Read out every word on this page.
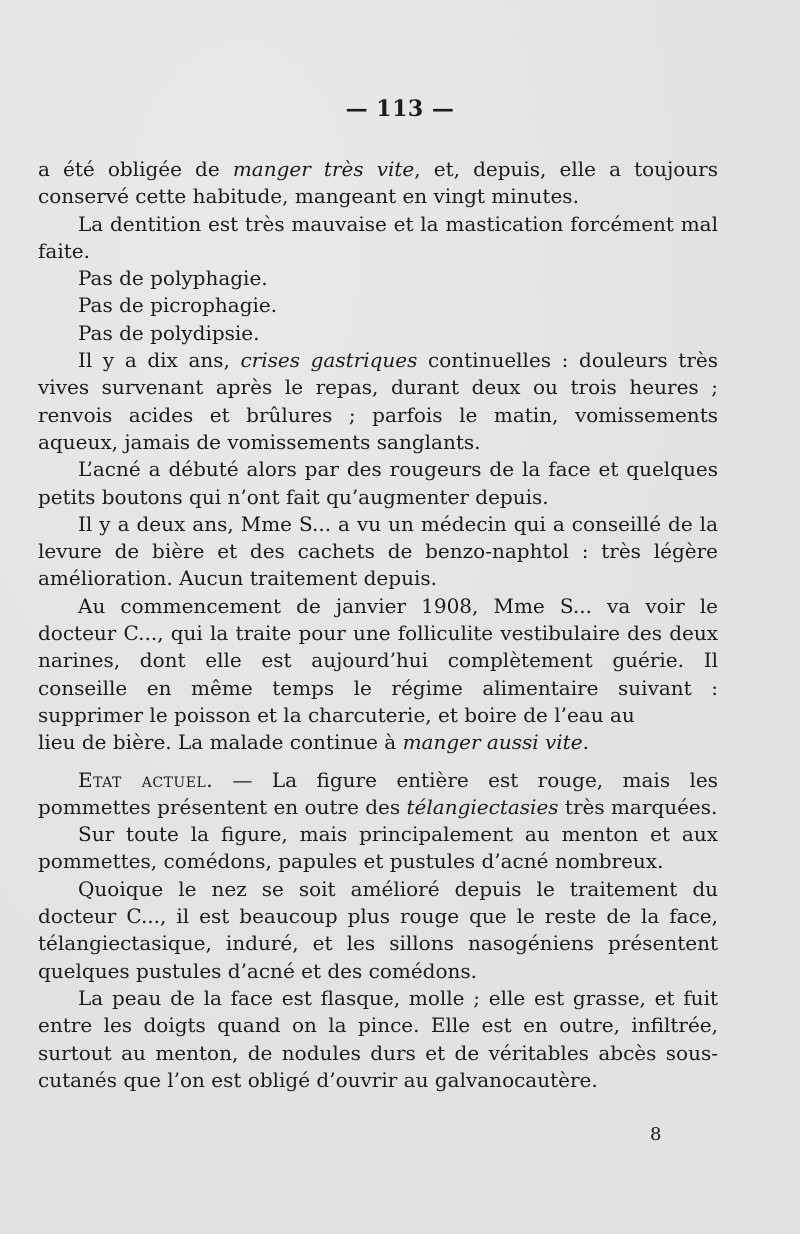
— 113 —

a été obligée de manger très vite, et, depuis, elle a toujours conservé cette habitude, mangeant en vingt minutes.

La dentition est très mauvaise et la mastication forcément mal faite.

Pas de polyphagie.

Pas de picrophagie.

Pas de polydipsie.

Il y a dix ans, crises gastriques continuelles : douleurs très vives survenant après le repas, durant deux ou trois heures ; renvois acides et brûlures ; parfois le matin, vomissements aqueux, jamais de vomissements sanglants.

L’acné a débuté alors par des rougeurs de la face et quelques petits boutons qui n’ont fait qu’augmenter depuis.

Il y a deux ans, Mme S... a vu un médecin qui a conseillé de la levure de bière et des cachets de benzo-naphtol : très légère amélioration. Aucun traitement depuis.

Au commencement de janvier 1908, Mme S... va voir le docteur C..., qui la traite pour une folliculite vestibulaire des deux narines, dont elle est aujourd’hui complètement guérie. Il conseille en même temps le régime alimentaire suivant : supprimer le poisson et la charcuterie, et boire de l’eau au

lieu de bière. La malade continue à manger aussi vite.

Etat actuel. — La figure entière est rouge, mais les pommettes présentent en outre des télangiectasies très marquées.

Sur toute la figure, mais principalement au menton et aux pommettes, comédons, papules et pustules d’acné nombreux.

Quoique le nez se soit amélioré depuis le traitement du docteur C..., il est beaucoup plus rouge que le reste de la face, télangiectasique, induré, et les sillons nasogéniens présentent quelques pustules d’acné et des comédons.

La peau de la face est flasque, molle ; elle est grasse, et fuit entre les doigts quand on la pince. Elle est en outre, infiltrée, surtout au menton, de nodules durs et de véritables abcès sous-cutanés que l’on est obligé d’ouvrir au galvanocautère.

8
